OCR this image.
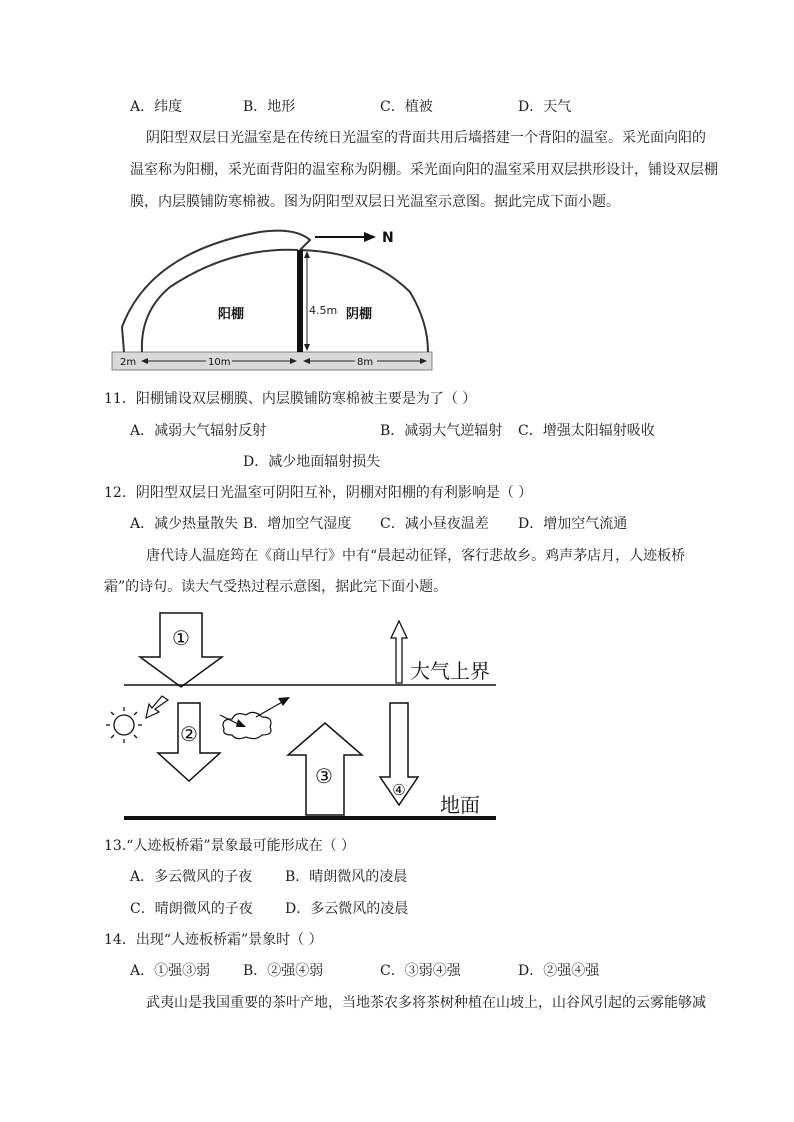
A．纬度	B．地形	C．植被	D．天气
阴阳型双层日光温室是在传统日光温室的背面共用后墙搭建一个背阳的温室。采光面向阳的
温室称为阳棚，采光面背阳的温室称为阴棚。采光面向阳的温室采用双层拱形设计，铺设双层棚
膜，内层膜铺防寒棉被。图为阴阳型双层日光温室示意图。据此完成下面小题。
4.5m
N
阳棚	阴棚
2m	10m	8m
11．阳棚铺设双层棚膜、内层膜铺防寒棉被主要是为了（ ）
A．减弱大气辐射反射	B．减弱大气逆辐射 C．增强太阳辐射吸收
D．减少地面辐射损失
12．阴阳型双层日光温室可阴阳互补，阴棚对阳棚的有利影响是（ ）
A．减少热量散失 B．增加空气湿度 C．减小昼夜温差 D．增加空气流通
唐代诗人温庭筠在《商山早行》中有“晨起动征铎，客行悲故乡。鸡声茅店月，人迹板桥
霜”的诗句。读大气受热过程示意图，据此完下面小题。
①
大气上界
②
③
④
地面
13.“人迹板桥霜”景象最可能形成在（ ）
A．多云微风的子夜 B．晴朗微风的凌晨
C．晴朗微风的子夜 D．多云微风的凌晨
14．出现“人迹板桥霜”景象时（ ）
A．①强③弱 B．②强④弱	C．③弱④强	D．②强④强
武夷山是我国重要的茶叶产地，当地茶农多将茶树种植在山坡上，山谷风引起的云雾能够减
